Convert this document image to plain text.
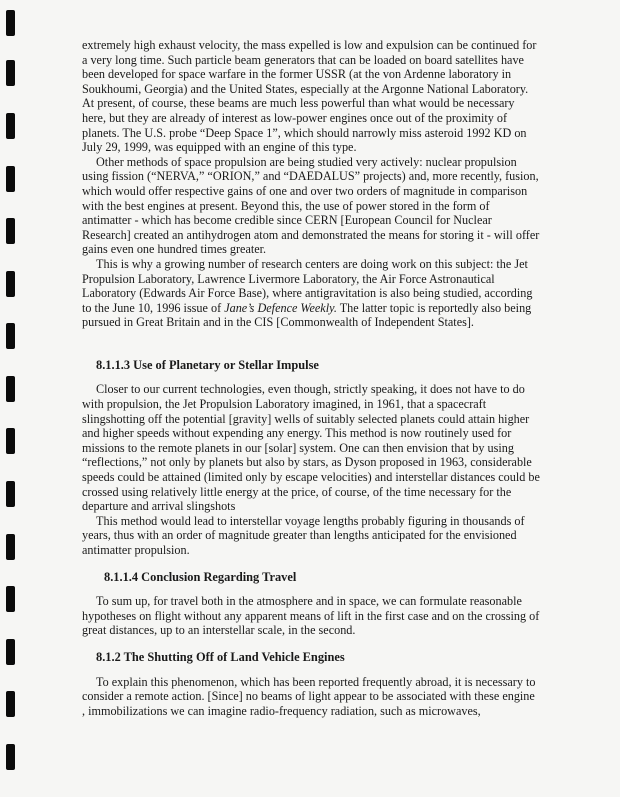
extremely high exhaust velocity, the mass expelled is low and expulsion can be continued for a very long time. Such particle beam generators that can be loaded on board satellites have been developed for space warfare in the former USSR (at the von Ardenne laboratory in Soukhoumi, Georgia) and the United States, especially at the Argonne National Laboratory. At present, of course, these beams are much less powerful than what would be necessary here, but they are already of interest as low-power engines once out of the proximity of planets. The U.S. probe “Deep Space 1”, which should narrowly miss asteroid 1992 KD on July 29, 1999, was equipped with an engine of this type.

Other methods of space propulsion are being studied very actively: nuclear propulsion using fission (“NERVA,” “ORION,” and “DAEDALUS” projects) and, more recently, fusion, which would offer respective gains of one and over two orders of magnitude in comparison with the best engines at present. Beyond this, the use of power stored in the form of antimatter - which has become credible since CERN [European Council for Nuclear Research] created an antihydrogen atom and demonstrated the means for storing it - will offer gains even one hundred times greater.

This is why a growing number of research centers are doing work on this subject: the Jet Propulsion Laboratory, Lawrence Livermore Laboratory, the Air Force Astronautical Laboratory (Edwards Air Force Base), where antigravitation is also being studied, according to the June 10, 1996 issue of Jane’s Defence Weekly. The latter topic is reportedly also being pursued in Great Britain and in the CIS [Commonwealth of Independent States].

8.1.1.3 Use of Planetary or Stellar Impulse

Closer to our current technologies, even though, strictly speaking, it does not have to do with propulsion, the Jet Propulsion Laboratory imagined, in 1961, that a spacecraft slingshotting off the potential [gravity] wells of suitably selected planets could attain higher and higher speeds without expending any energy. This method is now routinely used for missions to the remote planets in our [solar] system. One can then envision that by using “reflections,” not only by planets but also by stars, as Dyson proposed in 1963, considerable speeds could be attained (limited only by escape velocities) and interstellar distances could be crossed using relatively little energy at the price, of course, of the time necessary for the departure and arrival slingshots

This method would lead to interstellar voyage lengths probably figuring in thousands of years, thus with an order of magnitude greater than lengths anticipated for the envisioned antimatter propulsion.

8.1.1.4 Conclusion Regarding Travel

To sum up, for travel both in the atmosphere and in space, we can formulate reasonable hypotheses on flight without any apparent means of lift in the first case and on the crossing of great distances, up to an interstellar scale, in the second.

8.1.2 The Shutting Off of Land Vehicle Engines

To explain this phenomenon, which has been reported frequently abroad, it is necessary to consider a remote action. [Since] no beams of light appear to be associated with these engine , immobilizations we can imagine radio-frequency radiation, such as microwaves,
